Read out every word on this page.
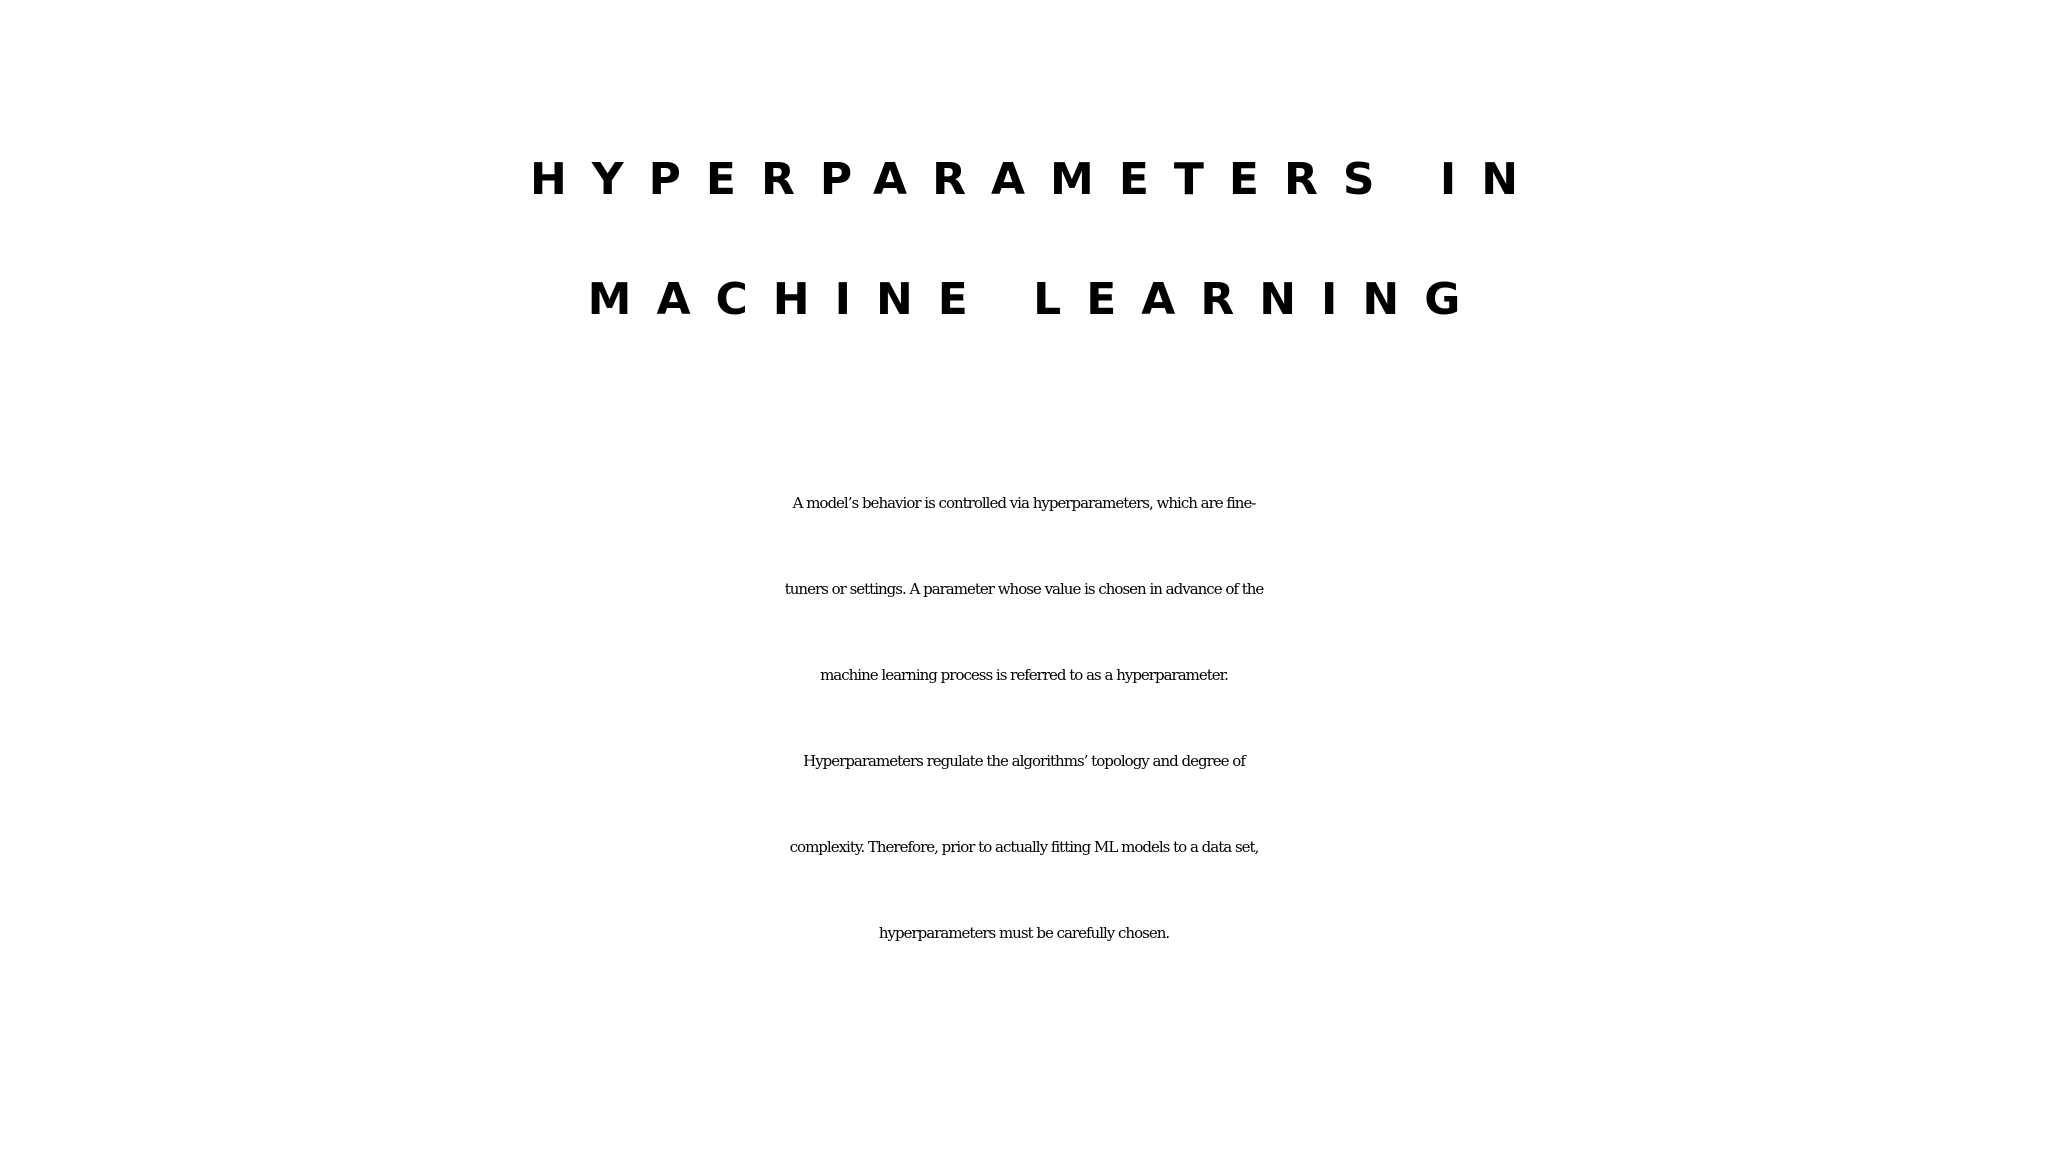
HYPERPARAMETERS IN
MACHINE LEARNING

A model’s behavior is controlled via hyperparameters, which are fine-
tuners or settings. A parameter whose value is chosen in advance of the
machine learning process is referred to as a hyperparameter.
Hyperparameters regulate the algorithms’ topology and degree of
complexity. Therefore, prior to actually fitting ML models to a data set,
hyperparameters must be carefully chosen.
